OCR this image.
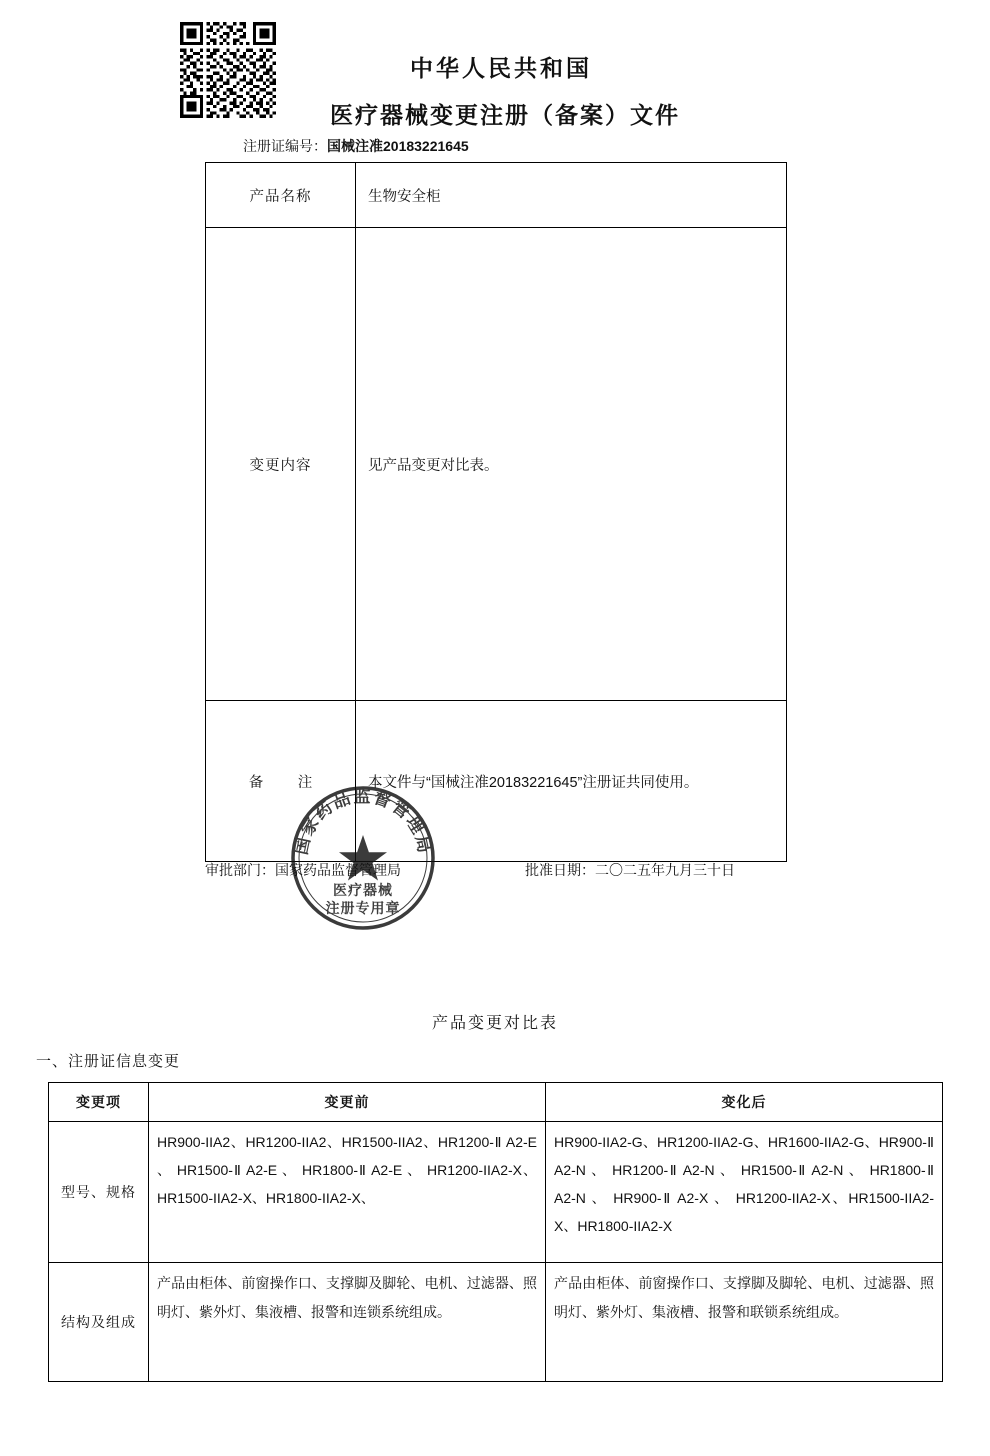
中华人民共和国
医疗器械变更注册（备案）文件
注册证编号：国械注准20183221645
产品名称	生物安全柜
变更内容	见产品变更对比表。
备　注	本文件与“国械注准20183221645”注册证共同使用。
国家药品监督管理局
医疗器械
注册专用章
审批部门：国家药品监督管理局	批准日期：二〇二五年九月三十日
产品变更对比表
一、注册证信息变更
变更项	变更前	变化后
型号、规格	HR900-IIA2、HR1200-IIA2、HR1500-IIA2、HR1200-Ⅱ A2-E 、 HR1500-Ⅱ A2-E 、 HR1800-Ⅱ A2-E 、 HR1200-IIA2-X、HR1500-IIA2-X、HR1800-IIA2-X、	HR900-IIA2-G、HR1200-IIA2-G、HR1600-IIA2-G、HR900-Ⅱ A2-N 、 HR1200-Ⅱ A2-N 、 HR1500-Ⅱ A2-N 、 HR1800-Ⅱ A2-N 、 HR900-Ⅱ A2-X 、 HR1200-IIA2-X、HR1500-IIA2-X、HR1800-IIA2-X
结构及组成	产品由柜体、前窗操作口、支撑脚及脚轮、电机、过滤器、照明灯、紫外灯、集液槽、报警和连锁系统组成。	产品由柜体、前窗操作口、支撑脚及脚轮、电机、过滤器、照明灯、紫外灯、集液槽、报警和联锁系统组成。
